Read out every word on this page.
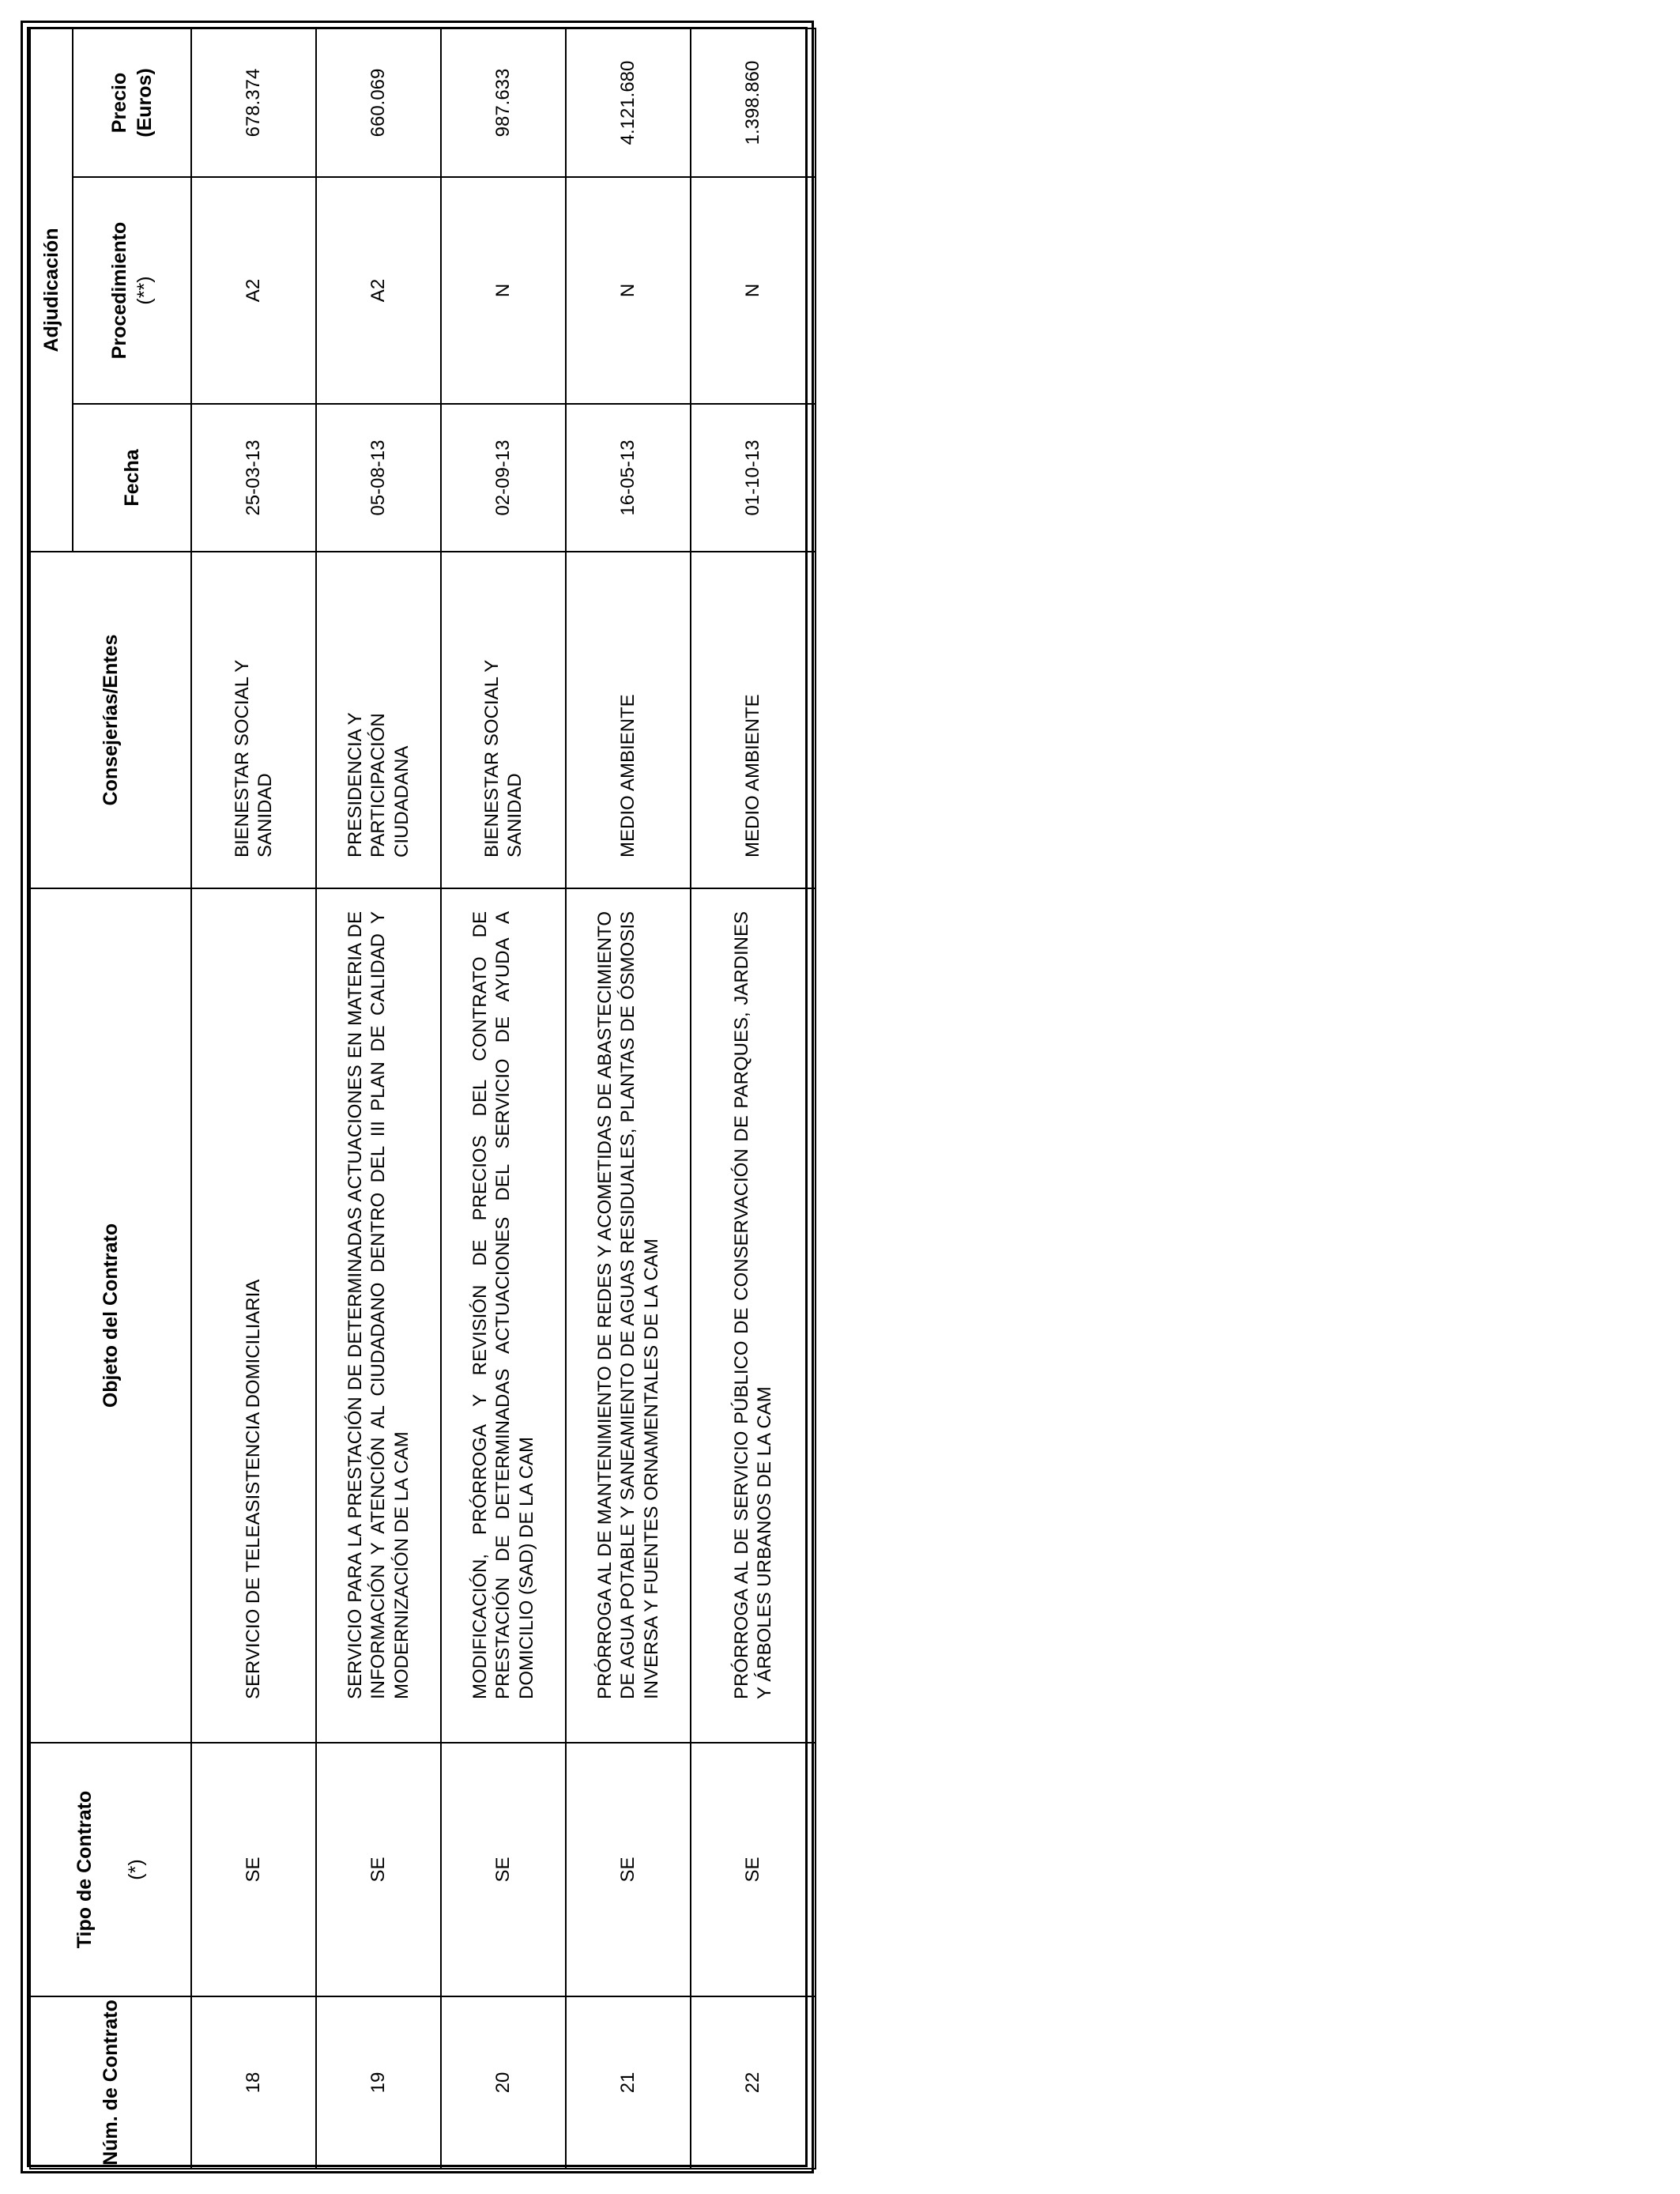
Núm. de Contrato	Tipo de Contrato (*)	Objeto del Contrato	Consejerías/Entes	Adjudicación		
				Fecha	Procedimiento (**)	Precio (Euros)
18	SE	SERVICIO DE TELEASISTENCIA DOMICILIARIA	BIENESTAR SOCIAL Y SANIDAD	25-03-13	A2	678.374
19	SE	SERVICIO PARA LA PRESTACIÓN DE DETERMINADAS ACTUACIONES EN MATERIA DE INFORMACIÓN Y ATENCIÓN AL CIUDADANO DENTRO DEL III PLAN DE CALIDAD Y MODERNIZACIÓN DE LA CAM	PRESIDENCIA Y PARTICIPACIÓN CIUDADANA	05-08-13	A2	660.069
20	SE	MODIFICACIÓN, PRÓRROGA Y REVISIÓN DE PRECIOS DEL CONTRATO DE PRESTACIÓN DE DETERMINADAS ACTUACIONES DEL SERVICIO DE AYUDA A DOMICILIO (SAD) DE LA CAM	BIENESTAR SOCIAL Y SANIDAD	02-09-13	N	987.633
21	SE	PRÓRROGA AL DE MANTENIMIENTO DE REDES Y ACOMETIDAS DE ABASTECIMIENTO DE AGUA POTABLE Y SANEAMIENTO DE AGUAS RESIDUALES, PLANTAS DE ÓSMOSIS INVERSA Y FUENTES ORNAMENTALES DE LA CAM	MEDIO AMBIENTE	16-05-13	N	4.121.680
22	SE	PRÓRROGA AL DE SERVICIO PÚBLICO DE CONSERVACIÓN DE PARQUES, JARDINES Y ÁRBOLES URBANOS DE LA CAM	MEDIO AMBIENTE	01-10-13	N	1.398.860
